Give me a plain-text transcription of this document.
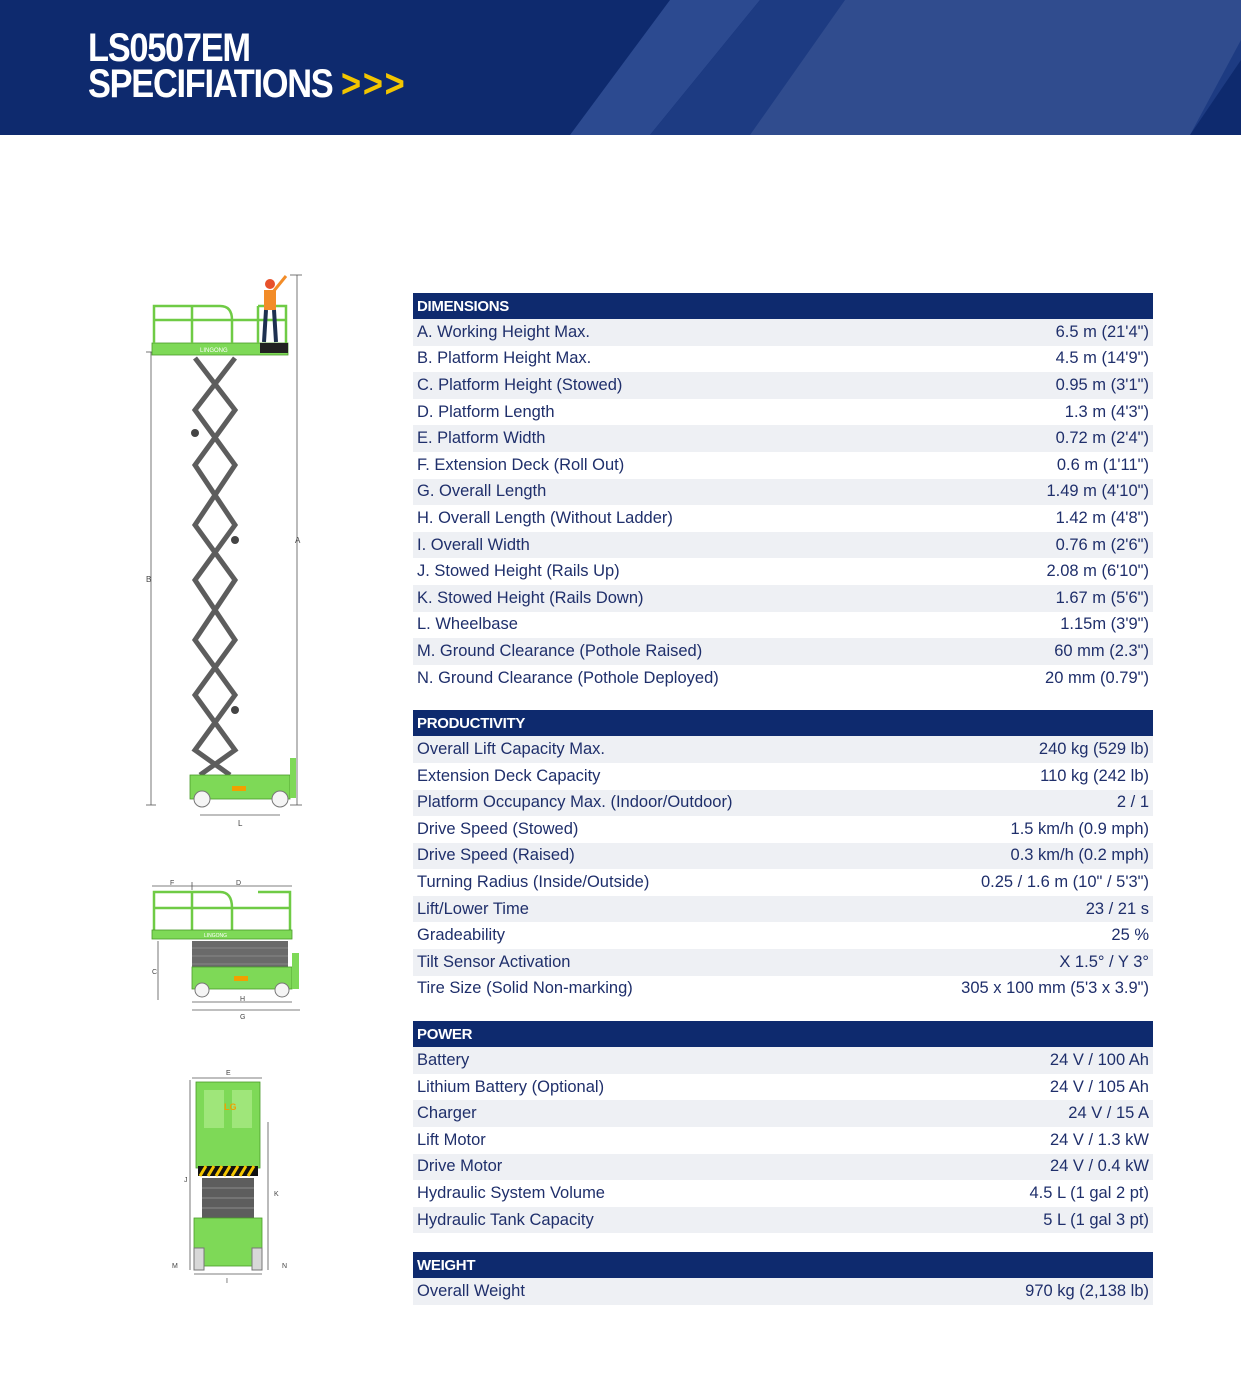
LS0507EM
SPECIFIATIONS >>>
A
B
L
LINGONG
F	D
LINGONG
C
H
G
E
LG
J
K
M	N
I
DIMENSIONS
A. Working Height Max.	6.5 m (21'4")
B. Platform Height Max.	4.5 m (14'9")
C. Platform Height (Stowed)	0.95 m (3'1")
D. Platform Length	1.3 m (4'3")
E. Platform Width	0.72 m (2'4")
F. Extension Deck (Roll Out)	0.6 m (1'11")
G. Overall Length	1.49 m (4'10")
H. Overall Length (Without Ladder)	1.42 m (4'8")
I. Overall Width	0.76 m (2'6")
J. Stowed Height (Rails Up)	2.08 m (6'10")
K. Stowed Height (Rails Down)	1.67 m (5'6")
L. Wheelbase	1.15m (3'9")
M. Ground Clearance (Pothole Raised)	60 mm (2.3")
N. Ground Clearance (Pothole Deployed)	20 mm (0.79")
PRODUCTIVITY
Overall Lift Capacity Max.	240 kg (529 lb)
Extension Deck Capacity	110 kg (242 lb)
Platform Occupancy Max. (Indoor/Outdoor)	2 / 1
Drive Speed (Stowed)	1.5 km/h (0.9 mph)
Drive Speed (Raised)	0.3 km/h (0.2 mph)
Turning Radius (Inside/Outside)	0.25 / 1.6 m (10" / 5'3")
Lift/Lower Time	23 / 21 s
Gradeability	25 %
Tilt Sensor Activation	X 1.5° / Y 3°
Tire Size (Solid Non-marking)	305 x 100 mm (5'3 x 3.9")
POWER
Battery	24 V / 100 Ah
Lithium Battery (Optional)	24 V / 105 Ah
Charger	24 V / 15 A
Lift Motor	24 V / 1.3 kW
Drive Motor	24 V / 0.4 kW
Hydraulic System Volume	4.5 L (1 gal 2 pt)
Hydraulic Tank Capacity	5 L (1 gal 3 pt)
WEIGHT
Overall Weight	970 kg (2,138 lb)
